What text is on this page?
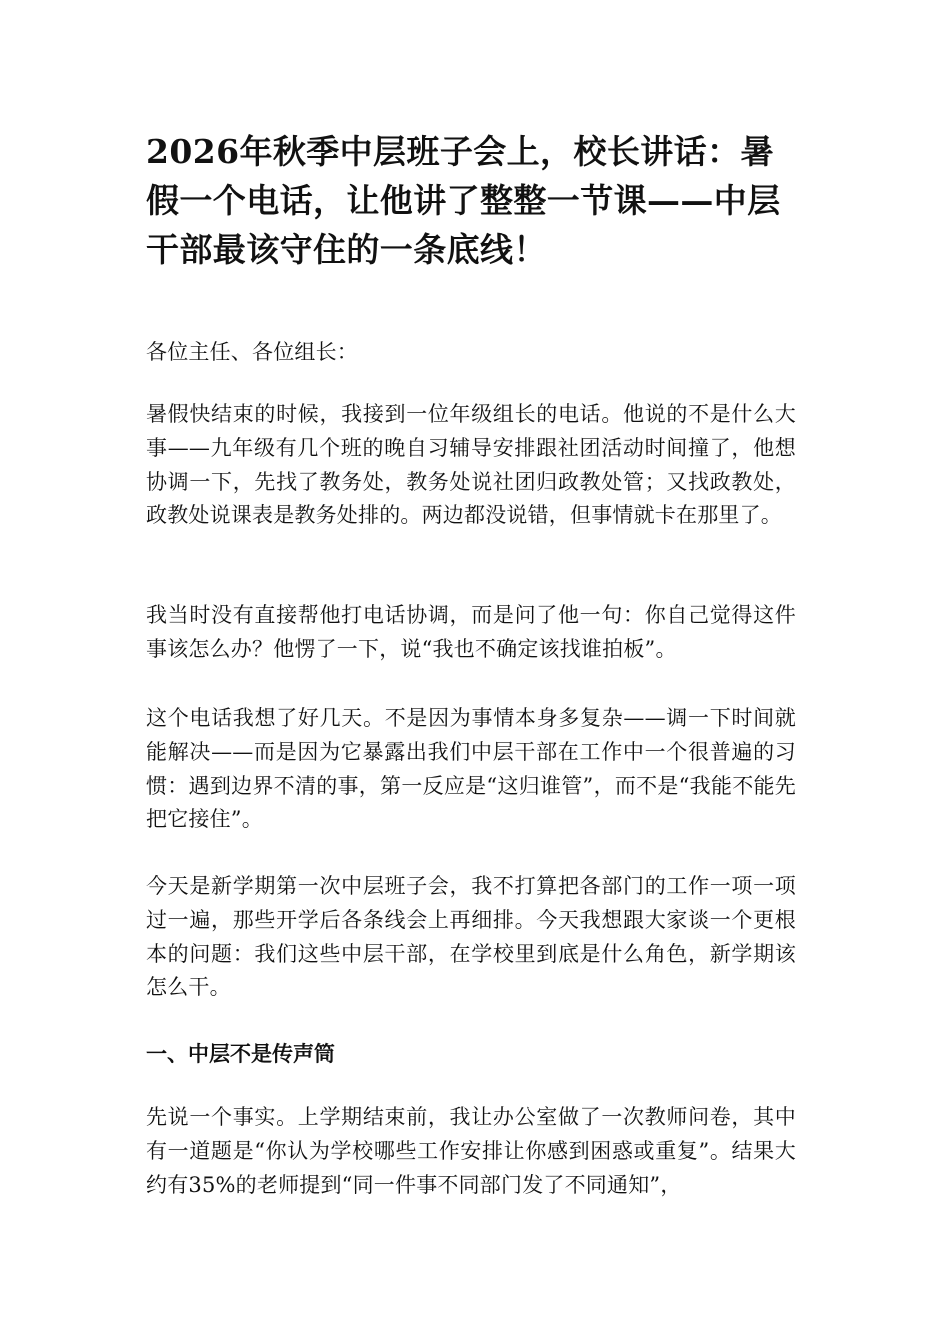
2026年秋季中层班子会上，校长讲话：暑假一个电话，让他讲了整整一节课——中层干部最该守住的一条底线！

各位主任、各位组长：

暑假快结束的时候，我接到一位年级组长的电话。他说的不是什么大事——九年级有几个班的晚自习辅导安排跟社团活动时间撞了，他想协调一下，先找了教务处，教务处说社团归政教处管；又找政教处，政教处说课表是教务处排的。两边都没说错，但事情就卡在那里了。

我当时没有直接帮他打电话协调，而是问了他一句：你自己觉得这件事该怎么办？他愣了一下，说“我也不确定该找谁拍板”。

这个电话我想了好几天。不是因为事情本身多复杂——调一下时间就能解决——而是因为它暴露出我们中层干部在工作中一个很普遍的习惯：遇到边界不清的事，第一反应是“这归谁管”，而不是“我能不能先把它接住”。

今天是新学期第一次中层班子会，我不打算把各部门的工作一项一项过一遍，那些开学后各条线会上再细排。今天我想跟大家谈一个更根本的问题：我们这些中层干部，在学校里到底是什么角色，新学期该怎么干。

一、中层不是传声筒

先说一个事实。上学期结束前，我让办公室做了一次教师问卷，其中有一道题是“你认为学校哪些工作安排让你感到困惑或重复”。结果大约有35%的老师提到“同一件事不同部门发了不同通知”，
